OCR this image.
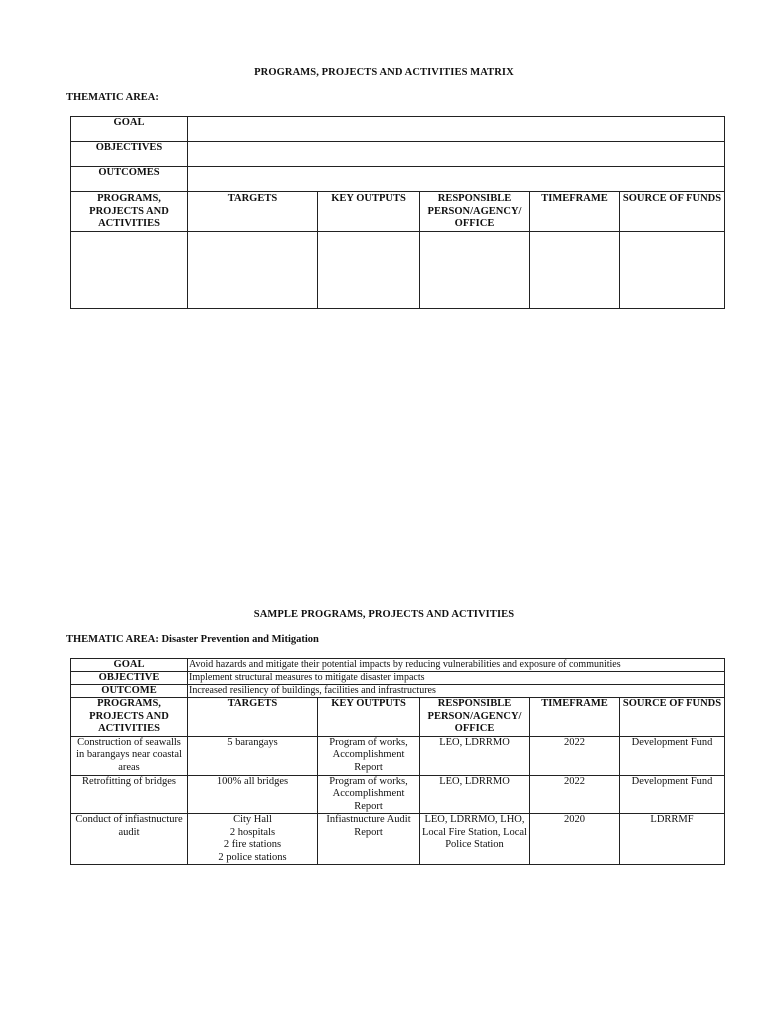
PROGRAMS, PROJECTS AND ACTIVITIES MATRIX
THEMATIC AREA:
GOAL					
OBJECTIVES					
OUTCOMES					
PROGRAMS, PROJECTS AND ACTIVITIES	TARGETS	KEY OUTPUTS	RESPONSIBLE PERSON/AGENCY/ OFFICE	TIMEFRAME	SOURCE OF FUNDS

SAMPLE PROGRAMS, PROJECTS AND ACTIVITIES
THEMATIC AREA: Disaster Prevention and Mitigation
GOAL	Avoid hazards and mitigate their potential impacts by reducing vulnerabilities and exposure of communities				
OBJECTIVE	Implement structural measures to mitigate disaster impacts				
OUTCOME	Increased resiliency of buildings, facilities and infrastructures				
PROGRAMS, PROJECTS AND ACTIVITIES	TARGETS	KEY OUTPUTS	RESPONSIBLE PERSON/AGENCY/ OFFICE	TIMEFRAME	SOURCE OF FUNDS
Construction of seawalls in barangays near coastal areas	5 barangays	Program of works, Accomplishment Report	LEO, LDRRMO	2022	Development Fund
Retrofitting of bridges	100% all bridges	Program of works, Accomplishment Report	LEO, LDRRMO	2022	Development Fund
Conduct of infiastnucture audit	City Hall
2 hospitals
2 fire stations
2 police stations	Infiastnucture Audit Report	LEO, LDRRMO, LHO, Local Fire Station, Local Police Station	2020	LDRRMF
